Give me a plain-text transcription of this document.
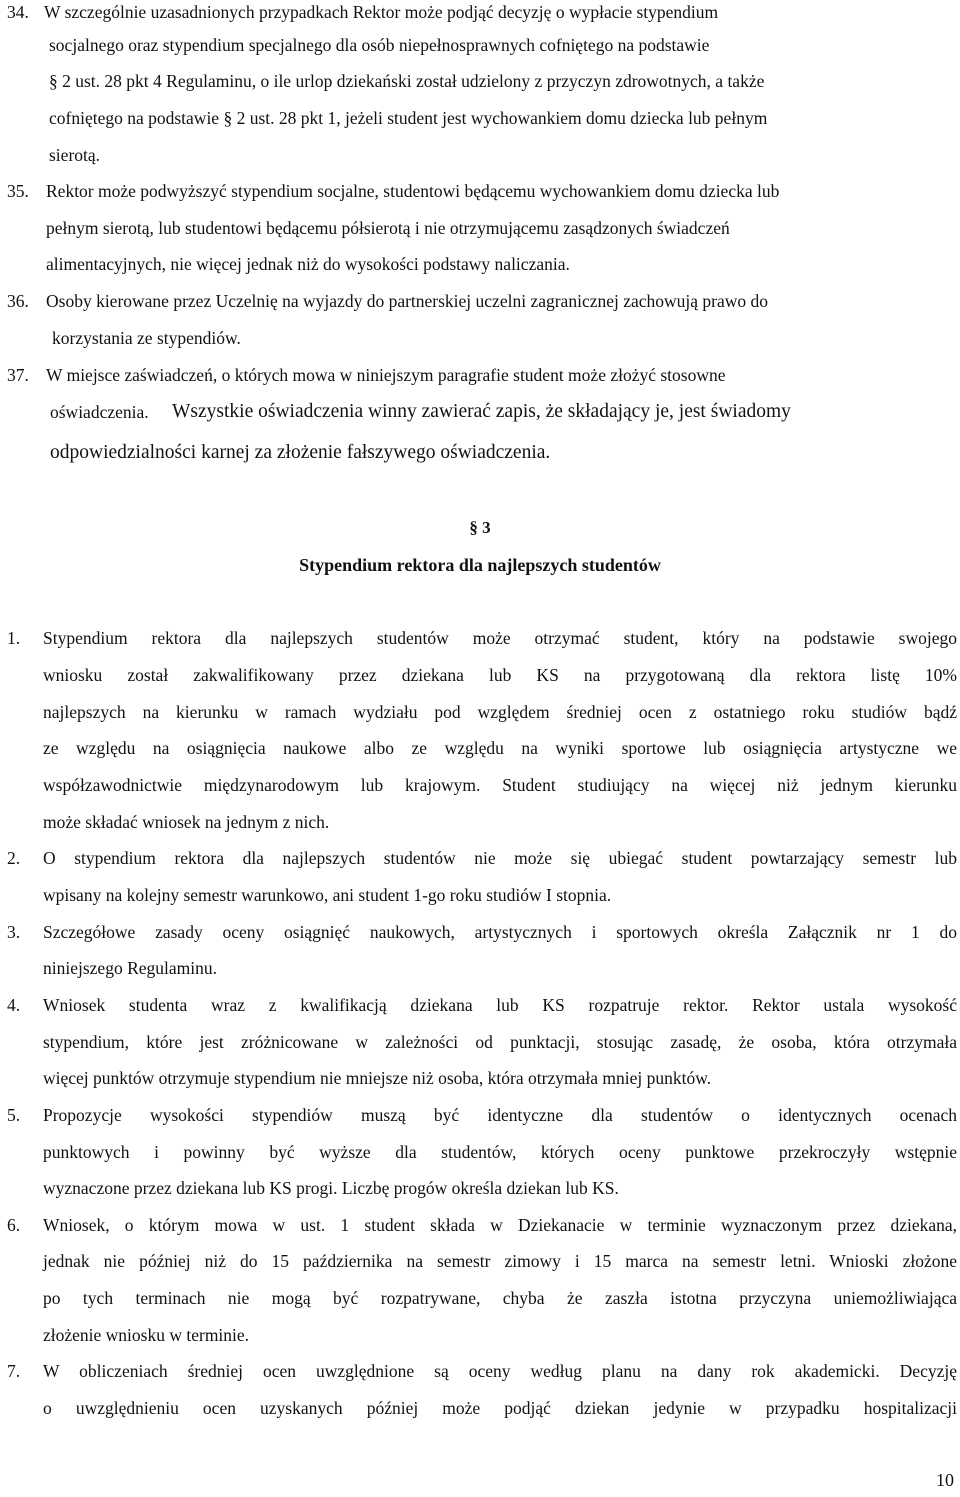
34. W szczególnie uzasadnionych przypadkach Rektor może podjąć decyzję o wypłacie stypendium
socjalnego oraz stypendium specjalnego dla osób niepełnosprawnych cofniętego na podstawie
§ 2 ust. 28 pkt 4 Regulaminu, o ile urlop dziekański został udzielony z przyczyn zdrowotnych, a także
cofniętego na podstawie § 2 ust. 28 pkt 1, jeżeli student jest wychowankiem domu dziecka lub pełnym
sierotą.
35. Rektor może podwyższyć stypendium socjalne, studentowi będącemu wychowankiem domu dziecka lub
pełnym sierotą, lub studentowi będącemu półsierotą i nie otrzymującemu zasądzonych świadczeń
alimentacyjnych, nie więcej jednak niż do wysokości podstawy naliczania.
36. Osoby kierowane przez Uczelnię na wyjazdy do partnerskiej uczelni zagranicznej zachowują prawo do
korzystania ze stypendiów.
37. W miejsce zaświadczeń, o których mowa w niniejszym paragrafie student może złożyć stosowne
oświadczenia. Wszystkie oświadczenia winny zawierać zapis, że składający je, jest świadomy
odpowiedzialności karnej za złożenie fałszywego oświadczenia.
§ 3
Stypendium rektora dla najlepszych studentów
1. Stypendium rektora dla najlepszych studentów może otrzymać student, który na podstawie swojego
wniosku został zakwalifikowany przez dziekana lub KS na przygotowaną dla rektora listę 10%
najlepszych na kierunku w ramach wydziału pod względem średniej ocen z ostatniego roku studiów bądź
ze względu na osiągnięcia naukowe albo ze względu na wyniki sportowe lub osiągnięcia artystyczne we
współzawodnictwie międzynarodowym lub krajowym. Student studiujący na więcej niż jednym kierunku
może składać wniosek na jednym z nich.
2. O stypendium rektora dla najlepszych studentów nie może się ubiegać student powtarzający semestr lub
wpisany na kolejny semestr warunkowo, ani student 1-go roku studiów I stopnia.
3. Szczegółowe zasady oceny osiągnięć naukowych, artystycznych i sportowych określa Załącznik nr 1 do
niniejszego Regulaminu.
4. Wniosek studenta wraz z kwalifikacją dziekana lub KS rozpatruje rektor. Rektor ustala wysokość
stypendium, które jest zróżnicowane w zależności od punktacji, stosując zasadę, że osoba, która otrzymała
więcej punktów otrzymuje stypendium nie mniejsze niż osoba, która otrzymała mniej punktów.
5. Propozycje wysokości stypendiów muszą być identyczne dla studentów o identycznych ocenach
punktowych i powinny być wyższe dla studentów, których oceny punktowe przekroczyły wstępnie
wyznaczone przez dziekana lub KS progi. Liczbę progów określa dziekan lub KS.
6. Wniosek, o którym mowa w ust. 1 student składa w Dziekanacie w terminie wyznaczonym przez dziekana,
jednak nie później niż do 15 października na semestr zimowy i 15 marca na semestr letni. Wnioski złożone
po tych terminach nie mogą być rozpatrywane, chyba że zaszła istotna przyczyna uniemożliwiająca
złożenie wniosku w terminie.
7. W obliczeniach średniej ocen uwzględnione są oceny według planu na dany rok akademicki. Decyzję
o uwzględnieniu ocen uzyskanych później może podjąć dziekan jedynie w przypadku hospitalizacji
10
